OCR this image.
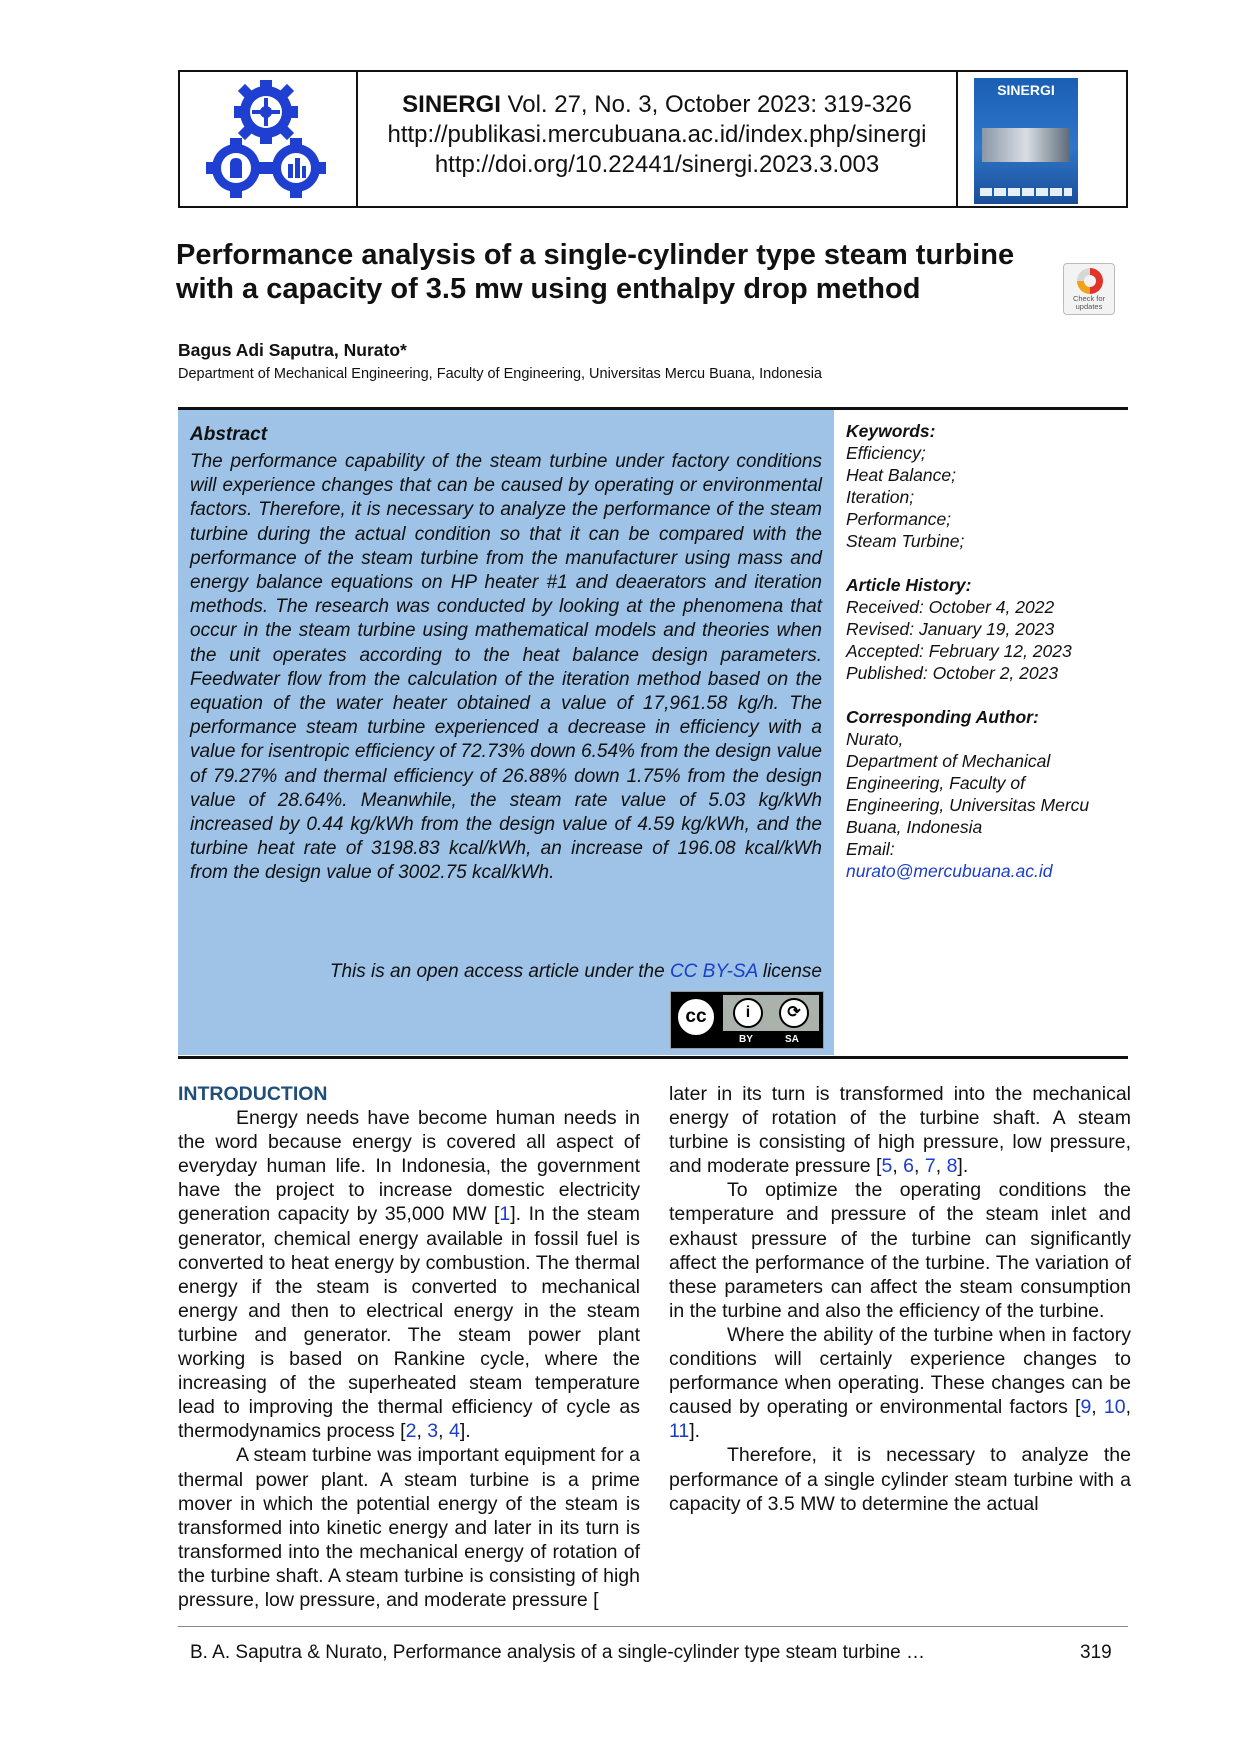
SINERGI Vol. 27, No. 3, October 2023: 319-326
http://publikasi.mercubuana.ac.id/index.php/sinergi
http://doi.org/10.22441/sinergi.2023.3.003
SINERGI
Performance analysis of a single-cylinder type steam turbine with a capacity of 3.5 mw using enthalpy drop method	Check for
updates
Bagus Adi Saputra, Nurato*
Department of Mechanical Engineering, Faculty of Engineering, Universitas Mercu Buana, Indonesia
Abstract
The performance capability of the steam turbine under factory conditions will experience changes that can be caused by operating or environmental factors. Therefore, it is necessary to analyze the performance of the steam turbine during the actual condition so that it can be compared with the performance of the steam turbine from the manufacturer using mass and energy balance equations on HP heater #1 and deaerators and iteration methods. The research was conducted by looking at the phenomena that occur in the steam turbine using mathematical models and theories when the unit operates according to the heat balance design parameters. Feedwater flow from the calculation of the iteration method based on the equation of the water heater obtained a value of 17,961.58 kg/h. The performance steam turbine experienced a decrease in efficiency with a value for isentropic efficiency of 72.73% down 6.54% from the design value of 79.27% and thermal efficiency of 26.88% down 1.75% from the design value of 28.64%. Meanwhile, the steam rate value of 5.03 kg/kWh increased by 0.44 kg/kWh from the design value of 4.59 kg/kWh, and the turbine heat rate of 3198.83 kcal/kWh, an increase of 196.08 kcal/kWh from the design value of 3002.75 kcal/kWh.
This is an open access article under the CC BY-SA license
cc	i	⟳
BY	SA
Keywords:
Efficiency;
Heat Balance;
Iteration;
Performance;
Steam Turbine;
Article History:
Received: October 4, 2022
Revised: January 19, 2023
Accepted: February 12, 2023
Published: October 2, 2023
Corresponding Author:
Nurato,
Department of Mechanical
Engineering, Faculty of
Engineering, Universitas Mercu
Buana, Indonesia
Email:
nurato@mercubuana.ac.id
INTRODUCTION

Energy needs have become human needs in the word because energy is covered all aspect of everyday human life. In Indonesia, the government have the project to increase domestic electricity generation capacity by 35,000 MW [1]. In the steam generator, chemical energy available in fossil fuel is converted to heat energy by combustion. The thermal energy if the steam is converted to mechanical energy and then to electrical energy in the steam turbine and generator. The steam power plant working is based on Rankine cycle, where the increasing of the superheated steam temperature lead to improving the thermal efficiency of cycle as thermodynamics process [2, 3, 4].

A steam turbine was important equipment for a thermal power plant. A steam turbine is a prime mover in which the potential energy of the steam is transformed into kinetic energy and later in its turn is transformed into the mechanical energy of rotation of the turbine shaft. A steam turbine is consisting of high pressure, low pressure, and moderate pressure [

later in its turn is transformed into the mechanical energy of rotation of the turbine shaft. A steam turbine is consisting of high pressure, low pressure, and moderate pressure [5, 6, 7, 8].

To optimize the operating conditions the temperature and pressure of the steam inlet and exhaust pressure of the turbine can significantly affect the performance of the turbine. The variation of these parameters can affect the steam consumption in the turbine and also the efficiency of the turbine.

Where the ability of the turbine when in factory conditions will certainly experience changes to performance when operating. These changes can be caused by operating or environmental factors [9, 10, 11].

Therefore, it is necessary to analyze the performance of a single cylinder steam turbine with a capacity of 3.5 MW to determine the actual

B. A. Saputra & Nurato, Performance analysis of a single-cylinder type steam turbine …	319
